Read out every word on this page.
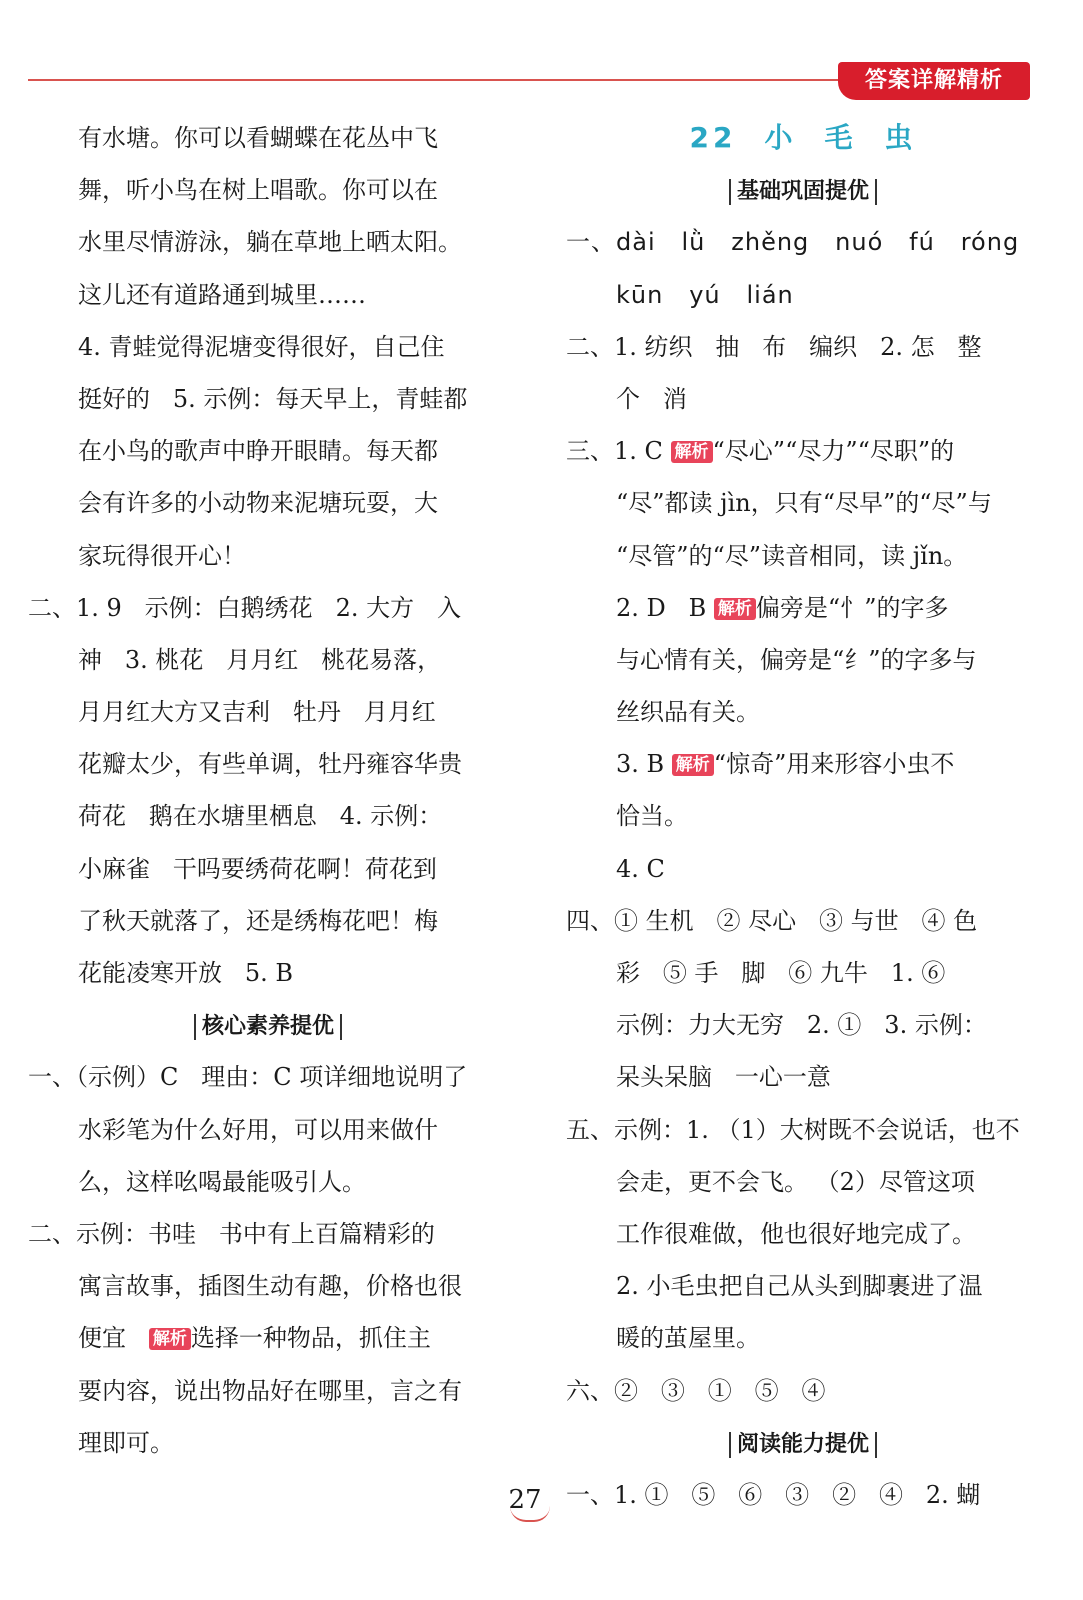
答案详解精析
有水塘。你可以看蝴蝶在花丛中飞
舞，听小鸟在树上唱歌。你可以在
水里尽情游泳，躺在草地上晒太阳。
这儿还有道路通到城里……
4. 青蛙觉得泥塘变得很好，自己住
挺好的   5. 示例：每天早上，青蛙都
在小鸟的歌声中睁开眼睛。每天都
会有许多的小动物来泥塘玩耍，大
家玩得很开心！
二、1. 9   示例：白鹅绣花   2. 大方   入
神   3. 桃花   月月红   桃花易落，
月月红大方又吉利   牡丹   月月红
花瓣太少，有些单调，牡丹雍容华贵
荷花   鹅在水塘里栖息   4. 示例：
小麻雀   干吗要绣荷花啊！荷花到
了秋天就落了，还是绣梅花吧！梅
花能凌寒开放   5. B
核心素养提优
一、（示例）C   理由：C 项详细地说明了
水彩笔为什么好用，可以用来做什
么，这样吆喝最能吸引人。
二、示例：书哇   书中有上百篇精彩的
寓言故事，插图生动有趣，价格也很
便宜   解析 选择一种物品，抓住主
要内容，说出物品好在哪里，言之有
理即可。
22 小 毛 虫
基础巩固提优
一、dài   lǜ   zhěng   nuó   fú   róng
kūn   yú   lián
二、1. 纺织   抽   布   编织   2. 怎   整
个   消
三、1. C 解析 “尽心”“尽力”“尽职”的
“尽”都读 jìn，只有“尽早”的“尽”与
“尽管”的“尽”读音相同，读 jǐn。
2. D   B 解析 偏旁是“忄”的字多
与心情有关，偏旁是“纟”的字多与
丝织品有关。
3. B 解析 “惊奇”用来形容小虫不
恰当。
4. C
四、① 生机   ② 尽心   ③ 与世   ④ 色
彩   ⑤ 手   脚   ⑥ 九牛   1. ⑥
示例：力大无穷   2. ①   3. 示例：
呆头呆脑   一心一意
五、示例：1. （1）大树既不会说话，也不
会走，更不会飞。 （2）尽管这项
工作很难做，他也很好地完成了。
2. 小毛虫把自己从头到脚裹进了温
暖的茧屋里。
六、②   ③   ①   ⑤   ④
阅读能力提优
一、1. ①   ⑤   ⑥   ③   ②   ④   2. 蝴
27
